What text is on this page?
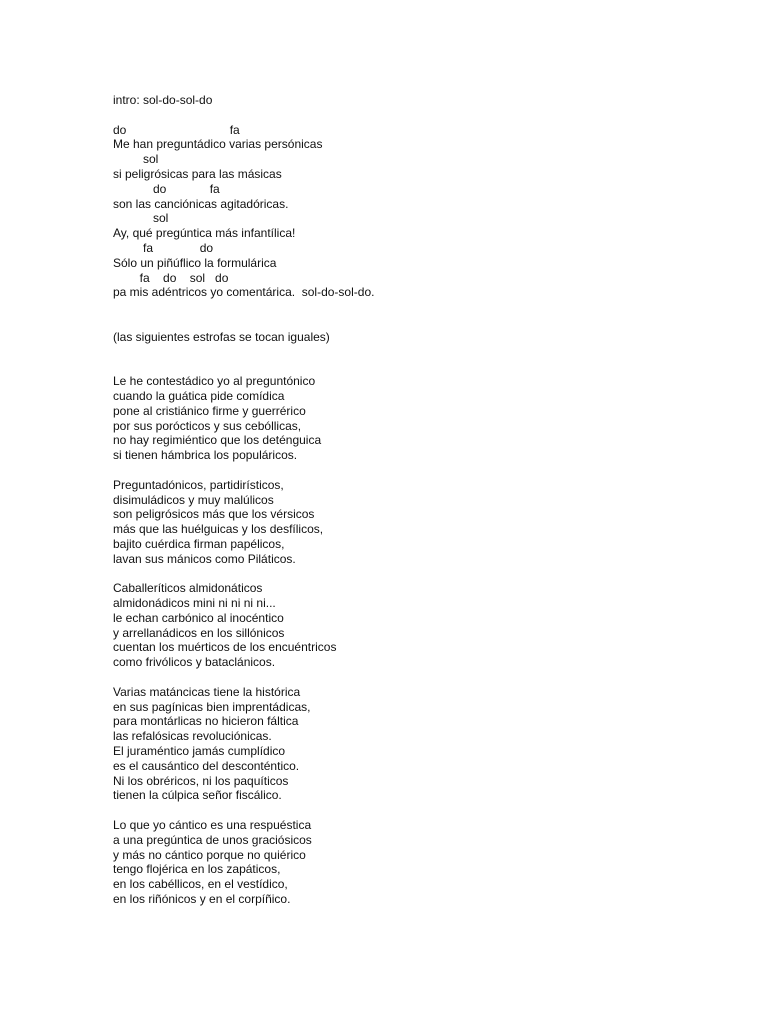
intro: sol-do-sol-do
do                               fa
Me han preguntádico varias persónicas
sol
si peligrósicas para las másicas
do             fa
son las canciónicas agitadóricas.
sol
Ay, qué pregúntica más infantílica!
fa              do
Sólo un piñúflico la formulárica
fa    do    sol   do
pa mis adéntricos yo comentárica.  sol-do-sol-do.
(las siguientes estrofas se tocan iguales)
Le he contestádico yo al preguntónico
cuando la guática pide comídica
pone al cristiánico firme y guerrérico
por sus porócticos y sus cebóllicas,
no hay regimiéntico que los deténguica
si tienen hámbrica los populáricos.
Preguntadónicos, partidirísticos,
disimuládicos y muy malúlicos
son peligrósicos más que los vérsicos
más que las huélguicas y los desfílicos,
bajito cuérdica firman papélicos,
lavan sus mánicos como Piláticos.
Caballeríticos almidonáticos
almidonádicos mini ni ni ni ni...
le echan carbónico al inocéntico
y arrellanádicos en los sillónicos
cuentan los muérticos de los encuéntricos
como frivólicos y bataclánicos.
Varias matáncicas tiene la histórica
en sus pagínicas bien imprentádicas,
para montárlicas no hicieron fáltica
las refalósicas revoluciónicas.
El juraméntico jamás cumplídico
es el causántico del desconténtico.
Ni los obréricos, ni los paquíticos
tienen la cúlpica señor fiscálico.
Lo que yo cántico es una respuéstica
a una pregúntica de unos graciósicos
y más no cántico porque no quiérico
tengo flojérica en los zapáticos,
en los cabéllicos, en el vestídico,
en los riñónicos y en el corpíñico.
